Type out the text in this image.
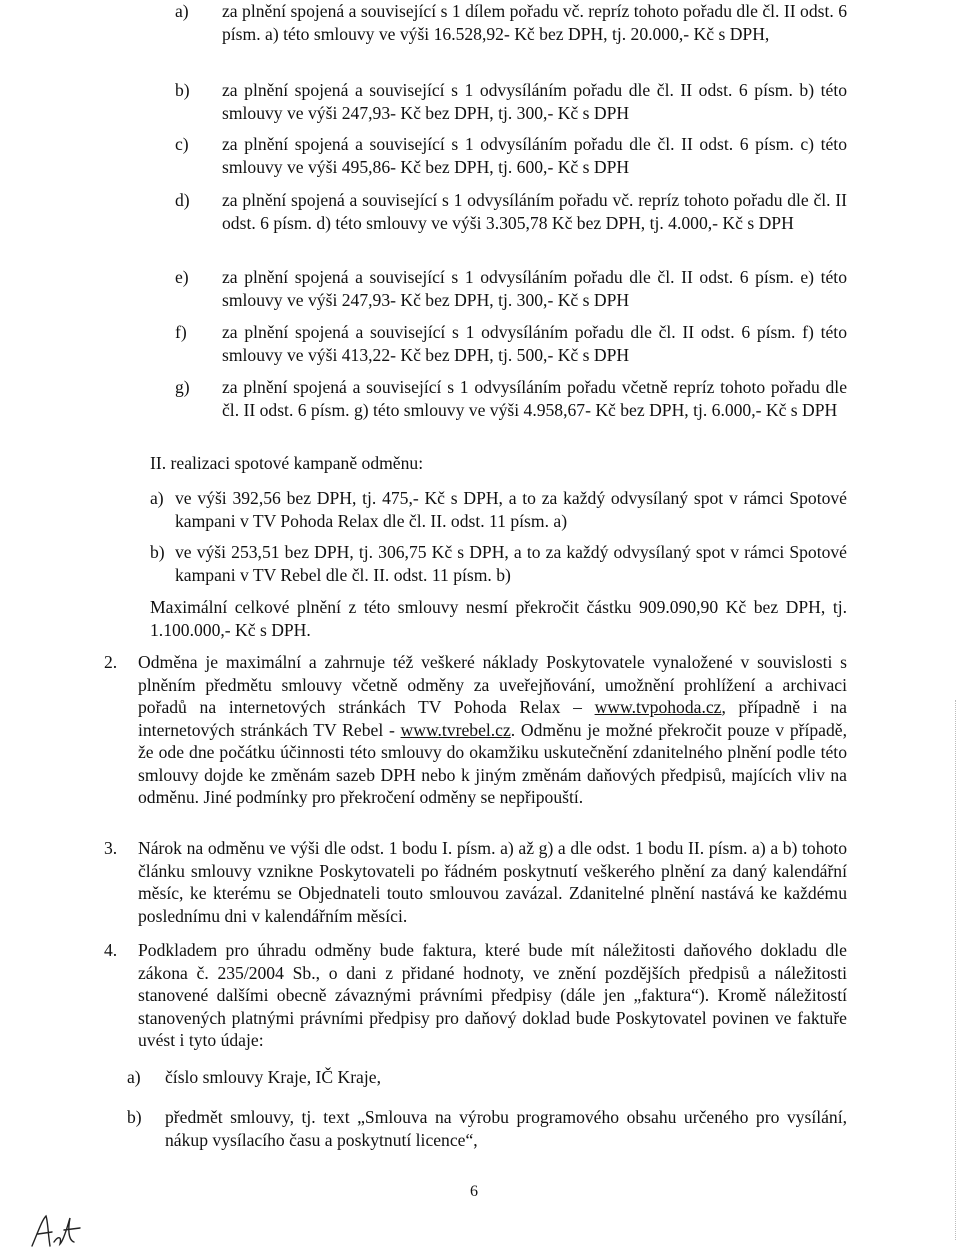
a) za plnění spojená a související s 1 dílem pořadu vč. repríz tohoto pořadu dle čl. II odst. 6 písm. a) této smlouvy ve výši 16.528,92- Kč bez DPH, tj. 20.000,- Kč s DPH,

b) za plnění spojená a související s 1 odvysíláním pořadu dle čl. II odst. 6 písm. b) této smlouvy ve výši 247,93- Kč bez DPH, tj. 300,- Kč s DPH

c) za plnění spojená a související s 1 odvysíláním pořadu dle čl. II odst. 6 písm. c) této smlouvy ve výši 495,86- Kč bez DPH, tj. 600,- Kč s DPH

d) za plnění spojená a související s 1 odvysíláním pořadu vč. repríz tohoto pořadu dle čl. II odst. 6 písm. d) této smlouvy ve výši 3.305,78 Kč bez DPH, tj. 4.000,- Kč s DPH

e) za plnění spojená a související s 1 odvysíláním pořadu dle čl. II odst. 6 písm. e) této smlouvy ve výši 247,93- Kč bez DPH, tj. 300,- Kč s DPH

f) za plnění spojená a související s 1 odvysíláním pořadu dle čl. II odst. 6 písm. f) této smlouvy ve výši 413,22- Kč bez DPH, tj. 500,- Kč s DPH

g) za plnění spojená a související s 1 odvysíláním pořadu včetně repríz tohoto pořadu dle čl. II odst. 6 písm. g) této smlouvy ve výši 4.958,67- Kč bez DPH, tj. 6.000,- Kč s DPH

II. realizaci spotové kampaně odměnu:
a) ve výši 392,56 bez DPH, tj. 475,- Kč s DPH, a to za každý odvysílaný spot v rámci Spotové kampani v TV Pohoda Relax dle čl. II. odst. 11 písm. a)

b) ve výši 253,51 bez DPH, tj. 306,75 Kč s DPH, a to za každý odvysílaný spot v rámci Spotové kampani v TV Rebel dle čl. II. odst. 11 písm. b)

Maximální celkové plnění z této smlouvy nesmí překročit částku 909.090,90 Kč bez DPH, tj. 1.100.000,- Kč s DPH.

2. Odměna je maximální a zahrnuje též veškeré náklady Poskytovatele vynaložené v souvislosti s plněním předmětu smlouvy včetně odměny za uveřejňování, umožnění prohlížení a archivaci pořadů na internetových stránkách TV Pohoda Relax – www.tvpohoda.cz, případně i na internetových stránkách TV Rebel - www.tvrebel.cz. Odměnu je možné překročit pouze v případě, že ode dne počátku účinnosti této smlouvy do okamžiku uskutečnění zdanitelného plnění podle této smlouvy dojde ke změnám sazeb DPH nebo k jiným změnám daňových předpisů, majících vliv na odměnu. Jiné podmínky pro překročení odměny se nepřipouští.

3. Nárok na odměnu ve výši dle odst. 1 bodu I. písm. a) až g) a dle odst. 1 bodu II. písm. a) a b) tohoto článku smlouvy vznikne Poskytovateli po řádném poskytnutí veškerého plnění za daný kalendářní měsíc, ke kterému se Objednateli touto smlouvou zavázal. Zdanitelné plnění nastává ke každému poslednímu dni v kalendářním měsíci.

4. Podkladem pro úhradu odměny bude faktura, které bude mít náležitosti daňového dokladu dle zákona č. 235/2004 Sb., o dani z přidané hodnoty, ve znění pozdějších předpisů a náležitosti stanovené dalšími obecně závaznými právními předpisy (dále jen „faktura“). Kromě náležitostí stanovených platnými právními předpisy pro daňový doklad bude Poskytovatel povinen ve faktuře uvést i tyto údaje:

a) číslo smlouvy Kraje, IČ Kraje,

b) předmět smlouvy, tj. text „Smlouva na výrobu programového obsahu určeného pro vysílání, nákup vysílacího času a poskytnutí licence“,

6
